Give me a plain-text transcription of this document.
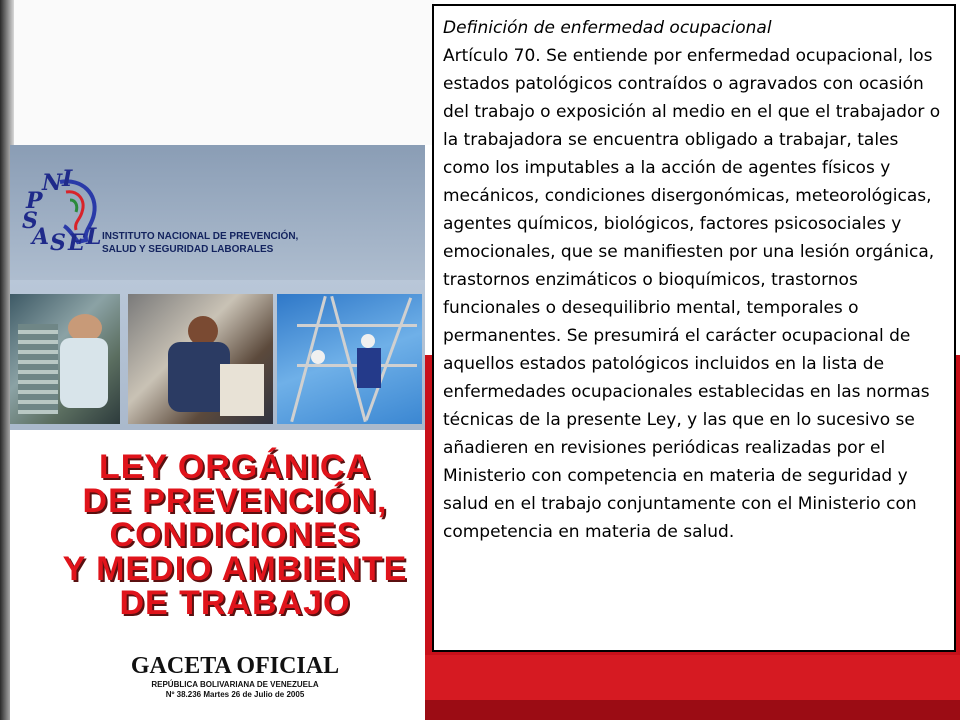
N I
P
S
A S E L INSTITUTO NACIONAL DE PREVENCIÓN,
SALUD Y SEGURIDAD LABORALES
LEY ORGÁNICA
DE PREVENCIÓN,
CONDICIONES
Y MEDIO AMBIENTE
DE TRABAJO
GACETA OFICIAL
REPÚBLICA BOLIVARIANA DE VENEZUELA
Nº 38.236 Martes 26 de Julio de 2005
Definición de enfermedad ocupacional
Artículo 70. Se entiende por enfermedad ocupacional, los estados patológicos contraídos o agravados con ocasión del trabajo o exposición al medio en el que el trabajador o la trabajadora se encuentra obligado a trabajar, tales como los imputables a la acción de agentes físicos y mecánicos, condiciones disergonómicas, meteorológicas, agentes químicos, biológicos, factores psicosociales y emocionales, que se manifiesten por una lesión orgánica, trastornos enzimáticos o bioquímicos, trastornos funcionales o desequilibrio mental, temporales o permanentes. Se presumirá el carácter ocupacional de aquellos estados patológicos incluidos en la lista de enfermedades ocupacionales establecidas en las normas técnicas de la presente Ley, y las que en lo sucesivo se añadieren en revisiones periódicas realizadas por el Ministerio con competencia en materia de seguridad y salud en el trabajo conjuntamente con el Ministerio con competencia en materia de salud.
